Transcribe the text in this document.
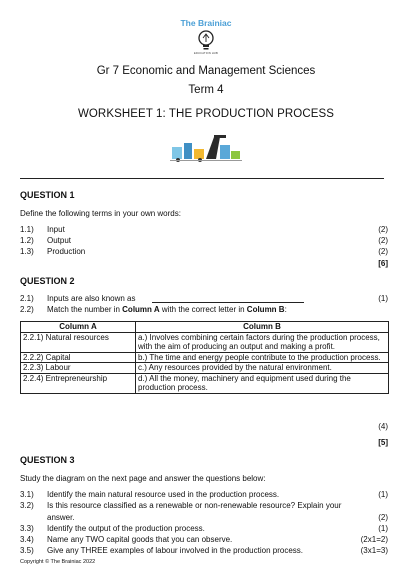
The Brainiac
EDUCATION HUB
Gr 7 Economic and Management Sciences
Term 4
WORKSHEET 1: THE PRODUCTION PROCESS
QUESTION 1
Define the following terms in your own words:
1.1) Input	(2)
1.2) Output	(2)
1.3) Production	(2)
[6]
QUESTION 2
2.1) Inputs are also known as	(1)
2.2) Match the number in Column A with the correct letter in Column B:
Column A	Column B
2.2.1) Natural resources	a.) Involves combining certain factors during the production process, with the aim of producing an output and making a profit.
2.2.2) Capital	b.) The time and energy people contribute to the production process.
2.2.3) Labour	c.) Any resources provided by the natural environment.
2.2.4) Entrepreneurship	d.) All the money, machinery and equipment used during the production process.
(4)
[5]
QUESTION 3
Study the diagram on the next page and answer the questions below:
3.1) Identify the main natural resource used in the production process.	(1)
3.2) Is this resource classified as a renewable or non-renewable resource? Explain your
answer.	(2)
3.3) Identify the output of the production process.	(1)
3.4) Name any TWO capital goods that you can observe.	(2x1=2)
3.5) Give any THREE examples of labour involved in the production process.	(3x1=3)
Copyright © The Brainiac 2022
